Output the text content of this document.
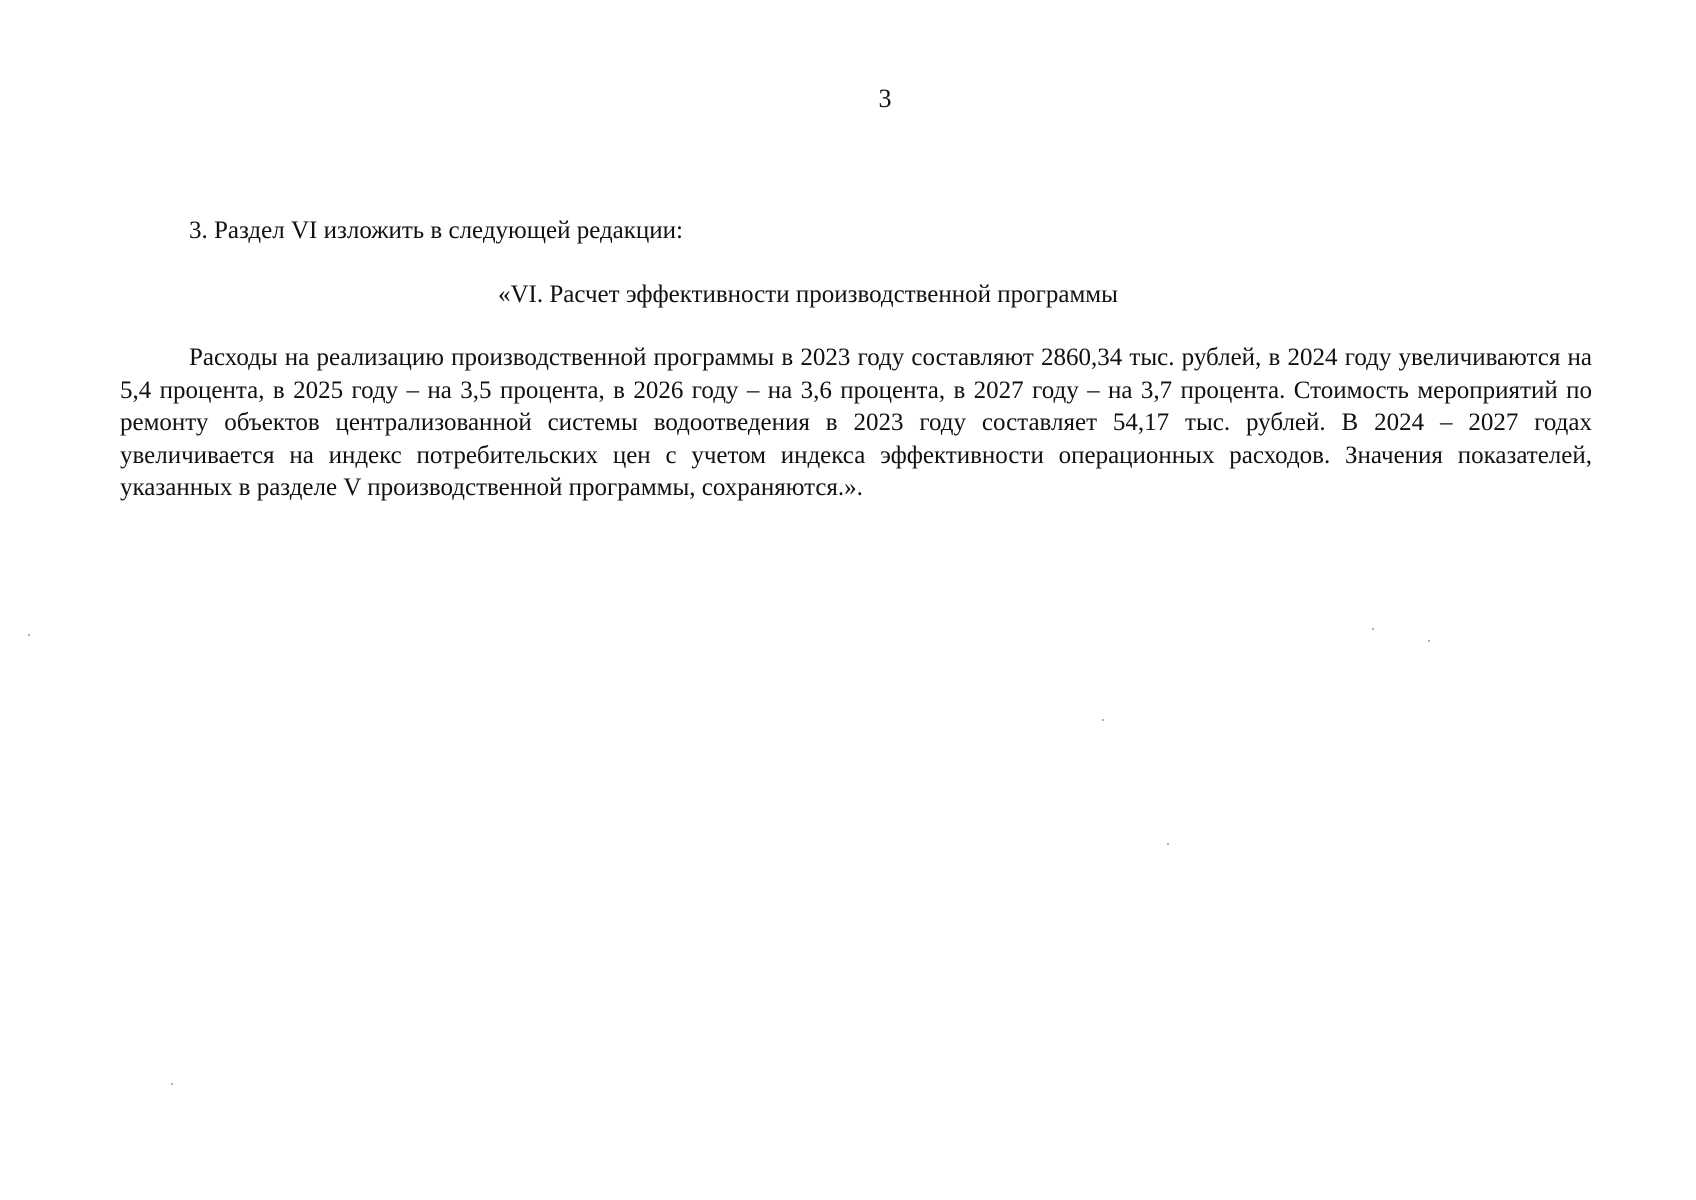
3
3. Раздел VI изложить в следующей редакции:
«VI. Расчет эффективности производственной программы

Расходы на реализацию производственной программы в 2023 году составляют 2860,34 тыс. рублей, в 2024 году увеличиваются на 5,4 процента, в 2025 году – на 3,5 процента, в 2026 году – на 3,6 процента, в 2027 году – на 3,7 процента. Стоимость мероприятий по ремонту объектов централизованной системы водоотведения в 2023 году составляет 54,17 тыс. рублей. В 2024 – 2027 годах увеличивается на индекс потребительских цен с учетом индекса эффективности операционных расходов. Значения показателей, указанных в разделе V производственной программы, сохраняются.».
